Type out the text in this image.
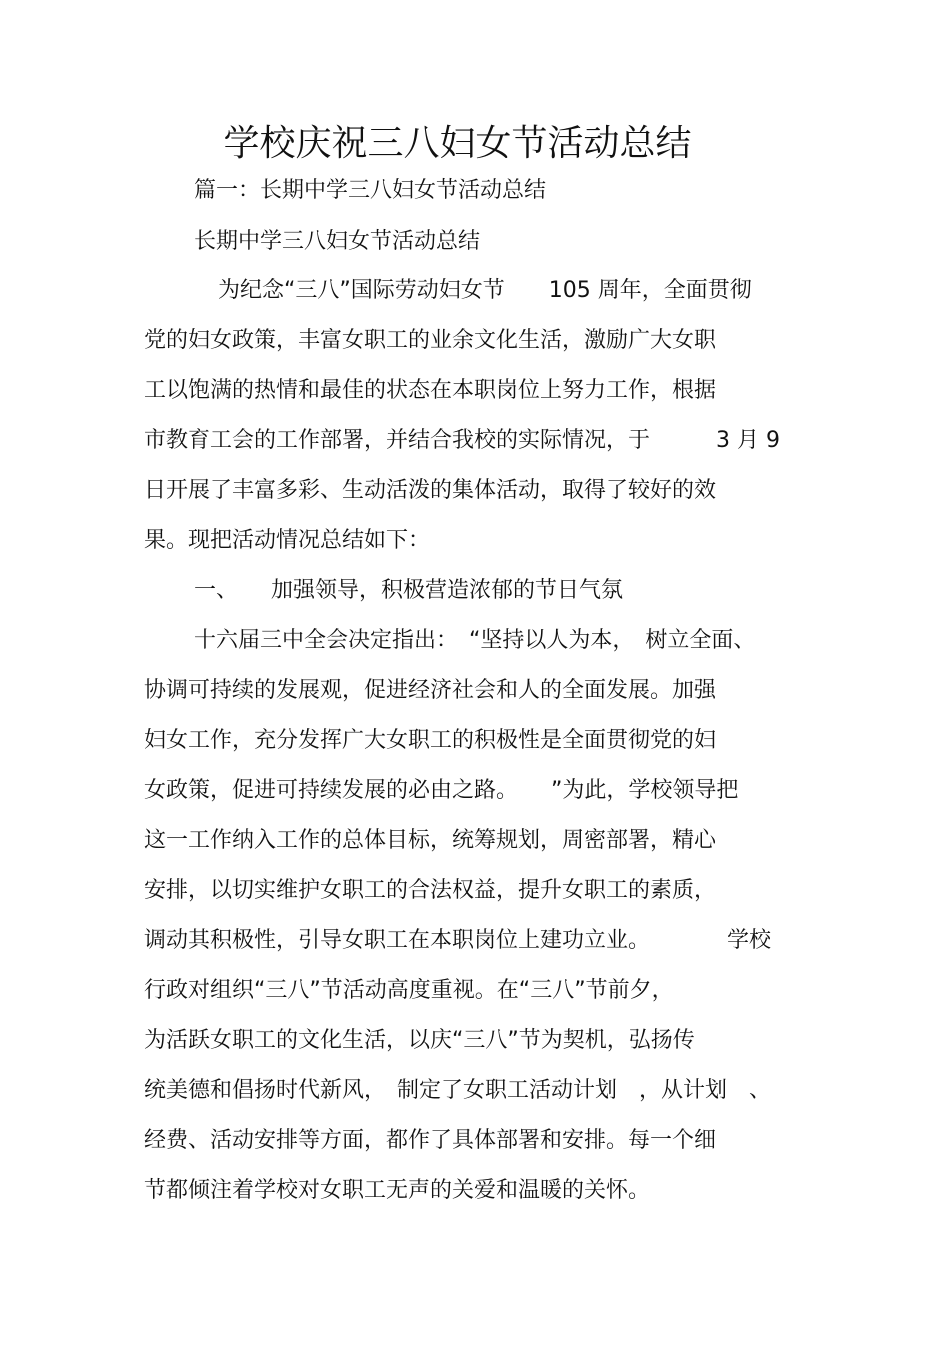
学校庆祝三八妇女节活动总结
篇一：长期中学三八妇女节活动总结
长期中学三八妇女节活动总结
为纪念“三八”国际劳动妇女节　　105 周年，全面贯彻
党的妇女政策，丰富女职工的业余文化生活，激励广大女职
工以饱满的热情和最佳的状态在本职岗位上努力工作，根据
市教育工会的工作部署，并结合我校的实际情况，于　　　3 月 9
日开展了丰富多彩、生动活泼的集体活动，取得了较好的效
果。现把活动情况总结如下：
一、　　加强领导，积极营造浓郁的节日气氛
十六届三中全会决定指出：　“坚持以人为本，　树立全面、
协调可持续的发展观，促进经济社会和人的全面发展。加强
妇女工作，充分发挥广大女职工的积极性是全面贯彻党的妇
女政策，促进可持续发展的必由之路。　　”为此，学校领导把
这一工作纳入工作的总体目标，统筹规划，周密部署，精心
安排，以切实维护女职工的合法权益，提升女职工的素质，
调动其积极性，引导女职工在本职岗位上建功立业。　　　　学校
行政对组织“三八”节活动高度重视。在“三八”节前夕，
为活跃女职工的文化生活，以庆“三八”节为契机，弘扬传
统美德和倡扬时代新风，　制定了女职工活动计划　，从计划　、
经费、活动安排等方面，都作了具体部署和安排。每一个细
节都倾注着学校对女职工无声的关爱和温暖的关怀。
